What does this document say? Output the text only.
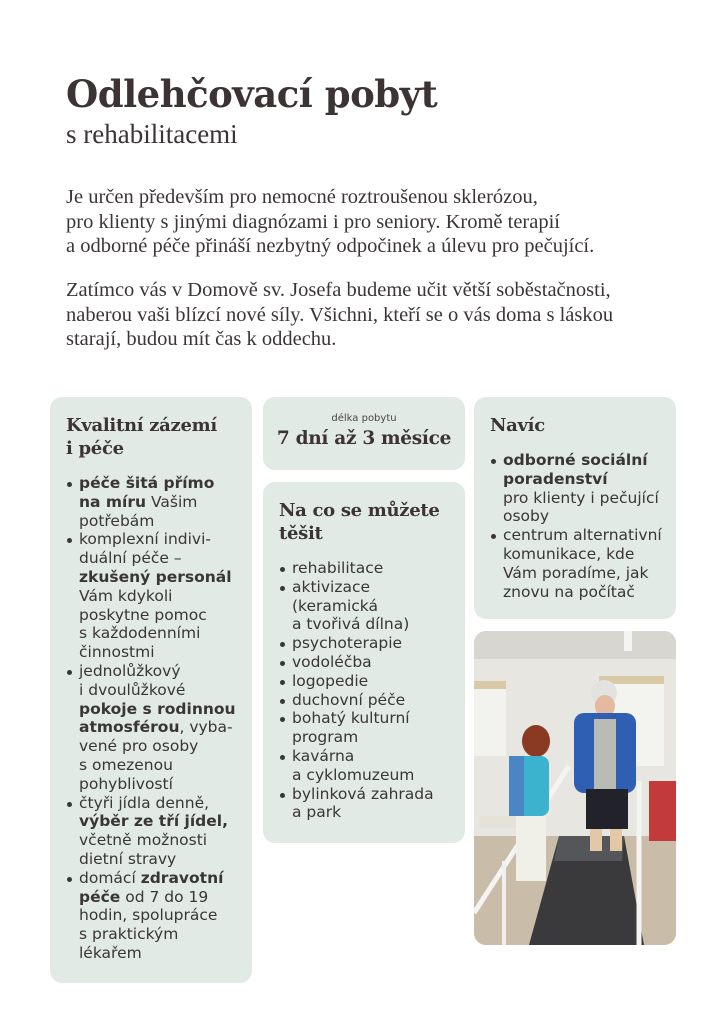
Odlehčovací pobyt
s rehabilitacemi

Je určen především pro nemocné roztroušenou sklerózou,
pro klienty s jinými diagnózami i pro seniory. Kromě terapií
a odborné péče přináší nezbytný odpočinek a úlevu pro pečující.

Zatímco vás v Domově sv. Josefa budeme učit větší soběstačnosti,
naberou vaši blízcí nové síly. Všichni, kteří se o vás doma s láskou
starají, budou mít čas k oddechu.

Kvalitní zázemí
i péče
péče šitá přímo
na míru Vašim
potřebám
komplexní indivi-
duální péče –
zkušený personál
Vám kdykoli
poskytne pomoc
s každodenními
činnostmi
jednolůžkový
i dvoulůžkové
pokoje s rodinnou
atmosférou, vyba-
vené pro osoby
s omezenou
pohyblivostí
čtyři jídla denně,
výběr ze tří jídel,
včetně možnosti
dietní stravy
domácí zdravotní
péče od 7 do 19
hodin, spolupráce
s praktickým
lékařem
délka pobytu
7 dní až 3 měsíce
Na co se můžete
těšit
rehabilitace
aktivizace
(keramická
a tvořivá dílna)
psychoterapie
vodoléčba
logopedie
duchovní péče
bohatý kulturní
program
kavárna
a cyklomuzeum
bylinková zahrada
a park
Navíc
odborné sociální
poradenství
pro klienty i pečující
osoby
centrum alternativní
komunikace, kde
Vám poradíme, jak
znovu na počítač
